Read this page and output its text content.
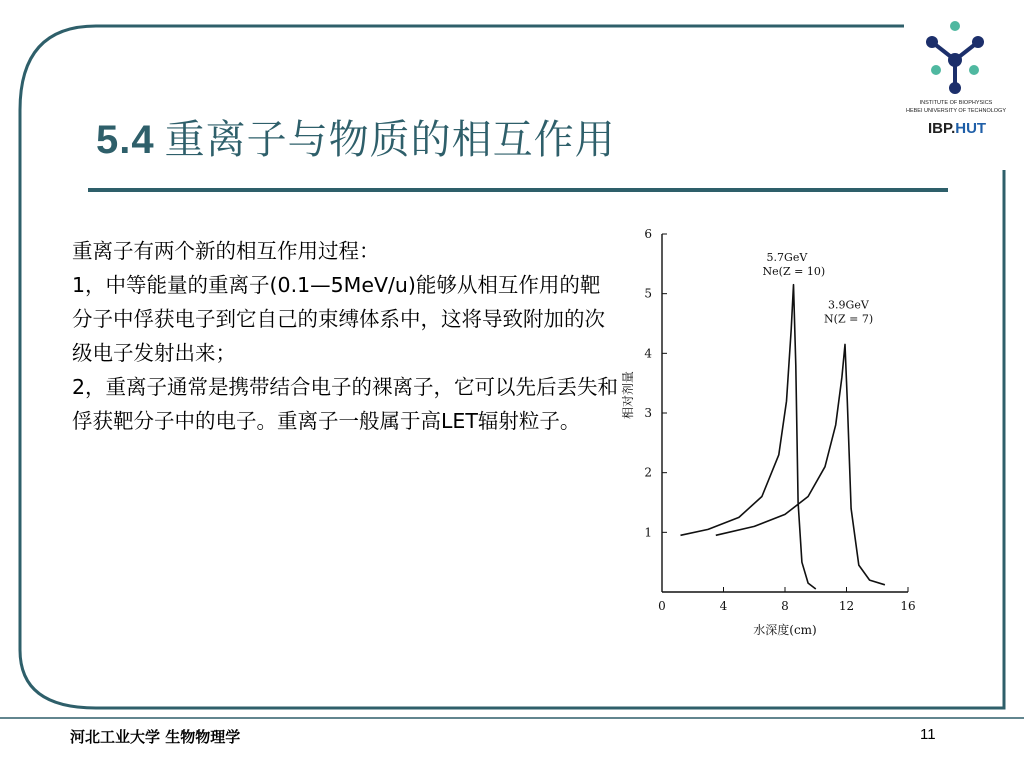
INSTITUTE OF BIOPHYSICS
HEBEI UNIVERSITY OF TECHNOLOGY
IBP.HUT
5.4 重离子与物质的相互作用

重离子有两个新的相互作用过程：

1，中等能量的重离子(0.1—5MeV/u)能够从相互作用的靶分子中俘获电子到它自己的束缚体系中，这将导致附加的次级电子发射出来；

2，重离子通常是携带结合电子的裸离子，它可以先后丢失和俘获靶分子中的电子。重离子一般属于高LET辐射粒子。

0	4	8	12	16
1
2
3
4
5
6
水深度(cm)
相对剂量
5.7GeV
Ne(Z = 10)
3.9GeV
N(Z = 7)
河北工业大学 生物物理学	11
